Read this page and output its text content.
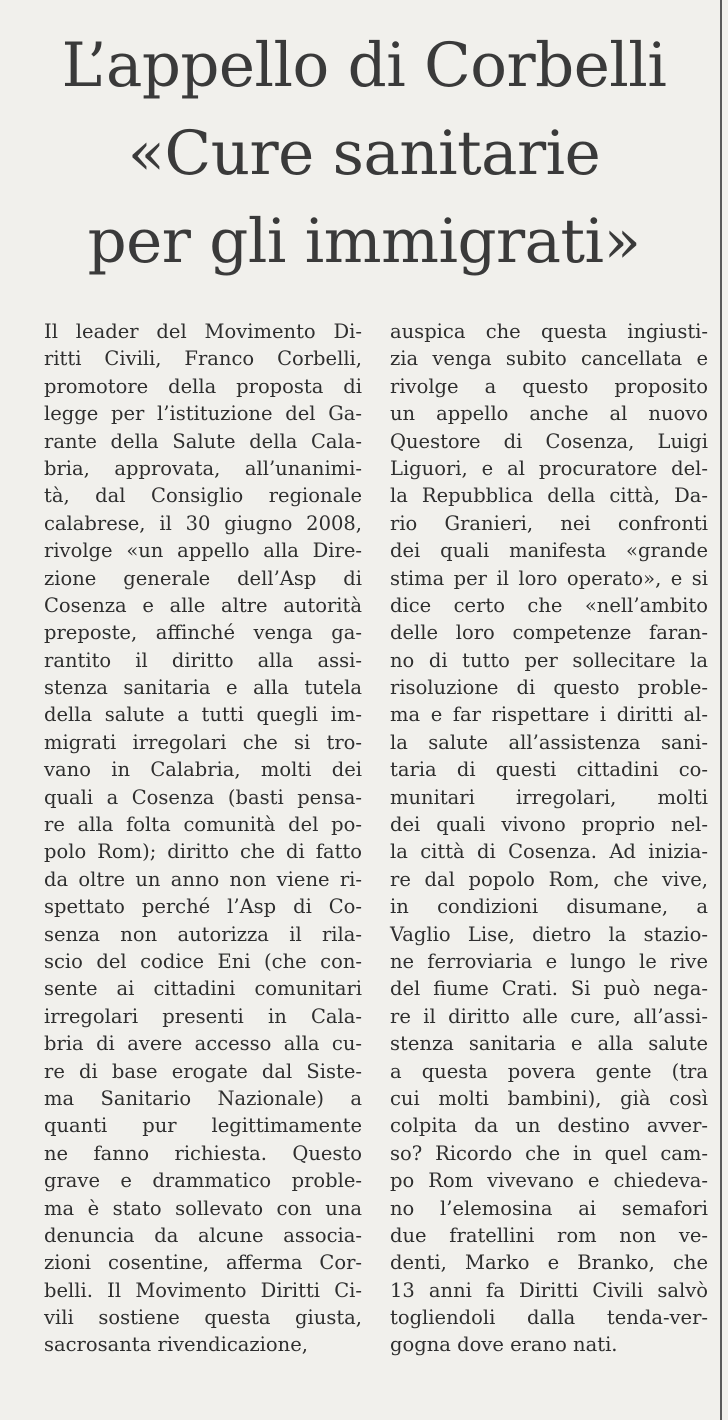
L’appello di Corbelli
«Cure sanitarie
per gli immigrati»
Il leader del Movimento Di-
ritti Civili, Franco Corbelli,
promotore della proposta di
legge per l’istituzione del Ga-
rante della Salute della Cala-
bria, approvata, all’unanimi-
tà, dal Consiglio regionale
calabrese, il 30 giugno 2008,
rivolge «un appello alla Dire-
zione generale dell’Asp di
Cosenza e alle altre autorità
preposte, affinché venga ga-
rantito il diritto alla assi-
stenza sanitaria e alla tutela
della salute a tutti quegli im-
migrati irregolari che si tro-
vano in Calabria, molti dei
quali a Cosenza (basti pensa-
re alla folta comunità del po-
polo Rom); diritto che di fatto
da oltre un anno non viene ri-
spettato perché l’Asp di Co-
senza non autorizza il rila-
scio del codice Eni (che con-
sente ai cittadini comunitari
irregolari presenti in Cala-
bria di avere accesso alla cu-
re di base erogate dal Siste-
ma Sanitario Nazionale) a
quanti pur legittimamente
ne fanno richiesta. Questo
grave e drammatico proble-
ma è stato sollevato con una
denuncia da alcune associa-
zioni cosentine, afferma Cor-
belli. Il Movimento Diritti Ci-
vili sostiene questa giusta,
sacrosanta rivendicazione,
auspica che questa ingiusti-
zia venga subito cancellata e
rivolge a questo proposito
un appello anche al nuovo
Questore di Cosenza, Luigi
Liguori, e al procuratore del-
la Repubblica della città, Da-
rio Granieri, nei confronti
dei quali manifesta «grande
stima per il loro operato», e si
dice certo che «nell’ambito
delle loro competenze faran-
no di tutto per sollecitare la
risoluzione di questo proble-
ma e far rispettare i diritti al-
la salute all’assistenza sani-
taria di questi cittadini co-
munitari irregolari, molti
dei quali vivono proprio nel-
la città di Cosenza. Ad inizia-
re dal popolo Rom, che vive,
in condizioni disumane, a
Vaglio Lise, dietro la stazio-
ne ferroviaria e lungo le rive
del fiume Crati. Si può nega-
re il diritto alle cure, all’assi-
stenza sanitaria e alla salute
a questa povera gente (tra
cui molti bambini), già così
colpita da un destino avver-
so? Ricordo che in quel cam-
po Rom vivevano e chiedeva-
no l’elemosina ai semafori
due fratellini rom non ve-
denti, Marko e Branko, che
13 anni fa Diritti Civili salvò
togliendoli dalla tenda-ver-
gogna dove erano nati.
